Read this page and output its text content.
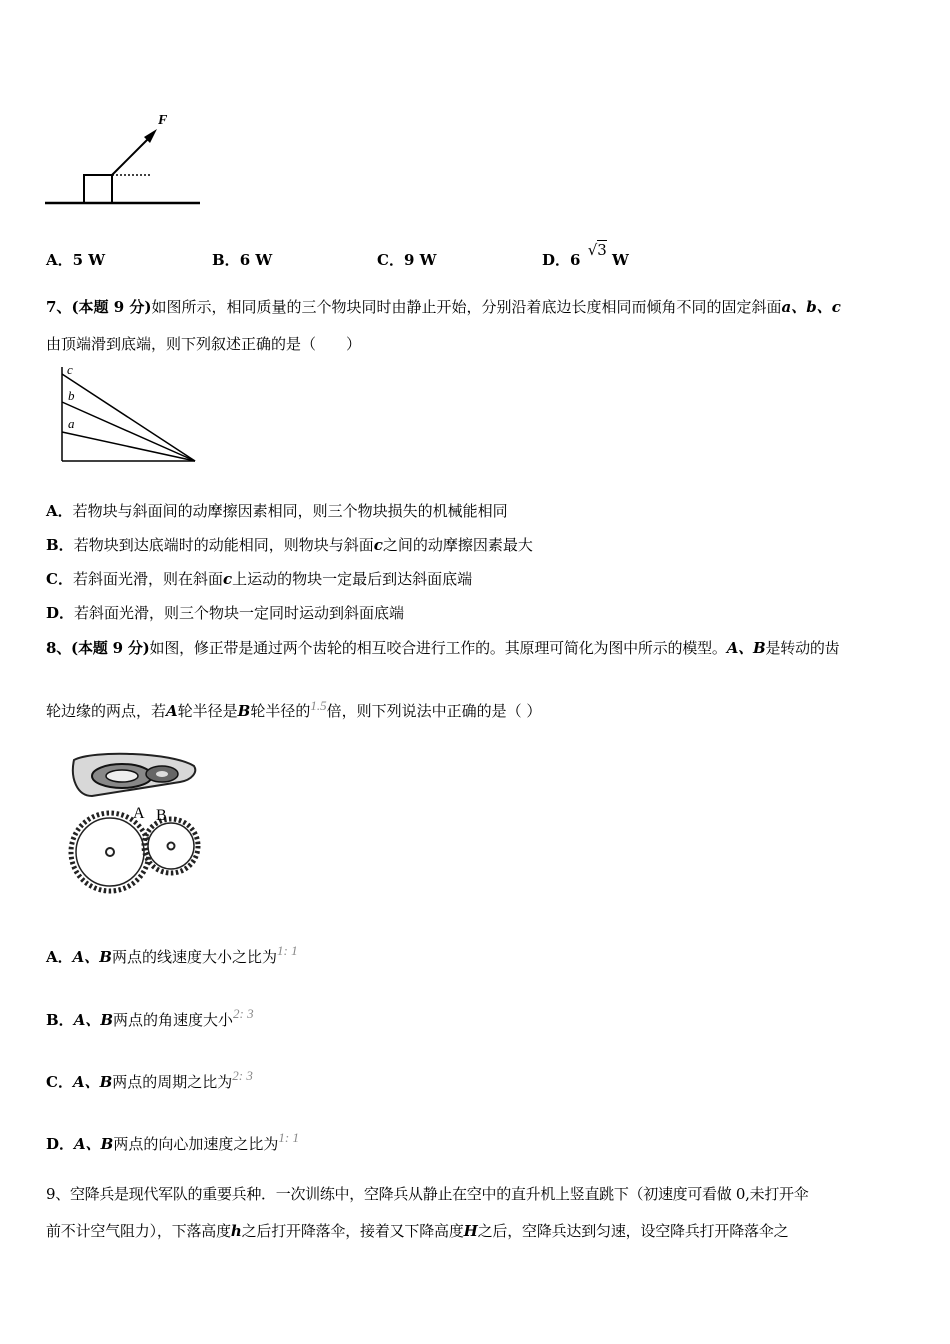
F
A．5 W	B．6 W	C．9 W	D．6 √3 W
7、(本题 9 分)如图所示，相同质量的三个物块同时由静止开始，分别沿着底边长度相同而倾角不同的固定斜面a、b、c
由顶端滑到底端，则下列叙述正确的是（　　）
c
b
a
A．若物块与斜面间的动摩擦因素相同，则三个物块损失的机械能相同
B．若物块到达底端时的动能相同，则物块与斜面c之间的动摩擦因素最大
C．若斜面光滑，则在斜面c上运动的物块一定最后到达斜面底端
D．若斜面光滑，则三个物块一定同时运动到斜面底端
8、(本题 9 分)如图，修正带是通过两个齿轮的相互咬合进行工作的。其原理可简化为图中所示的模型。A、B是转动的齿
轮边缘的两点，若A轮半径是B轮半径的1.5倍，则下列说法中正确的是（ ）
A B
A．A、B两点的线速度大小之比为1: 1
B．A、B两点的角速度大小2: 3
C．A、B两点的周期之比为2: 3
D．A、B两点的向心加速度之比为1: 1
9、空降兵是现代军队的重要兵种．一次训练中，空降兵从静止在空中的直升机上竖直跳下（初速度可看做 0,未打开伞
前不计空气阻力），下落高度h之后打开降落伞，接着又下降高度H之后，空降兵达到匀速，设空降兵打开降落伞之
